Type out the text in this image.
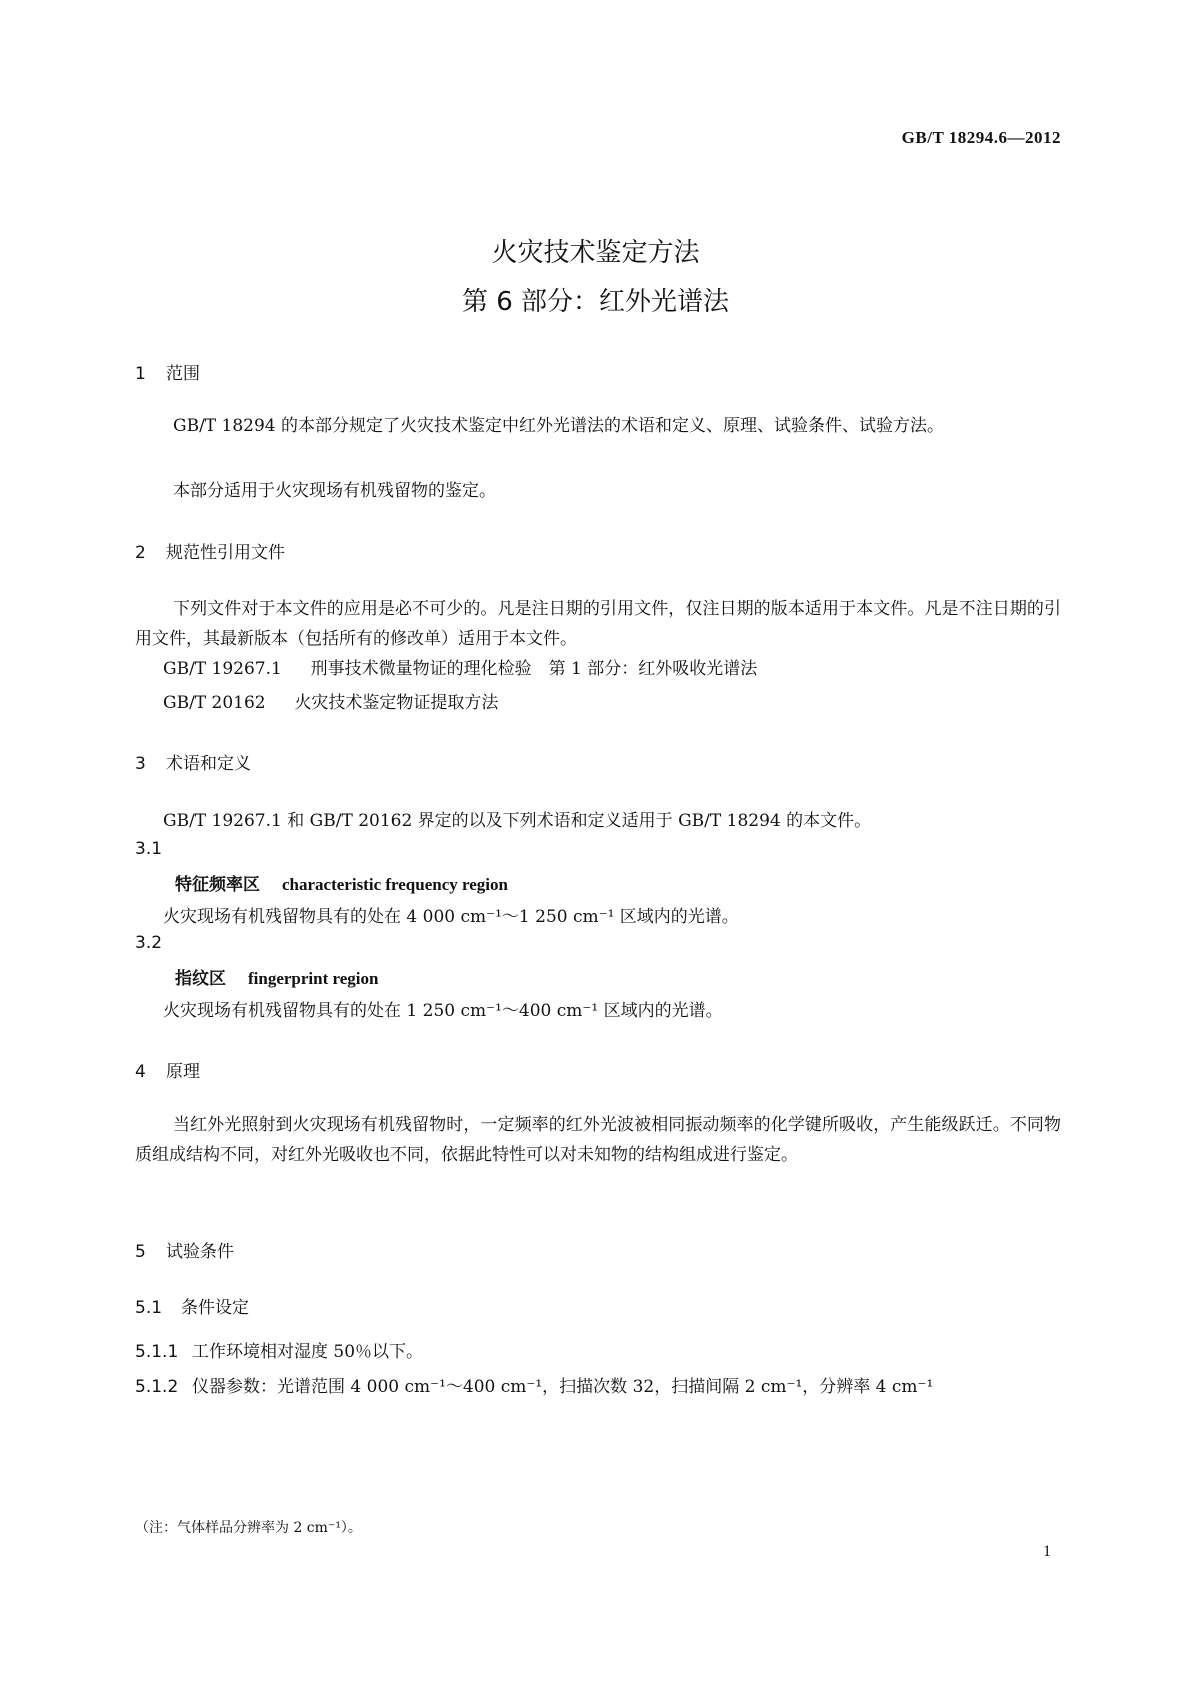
GB/T 18294.6—2012
火灾技术鉴定方法
第 6 部分：红外光谱法
1 范围
GB/T 18294 的本部分规定了火灾技术鉴定中红外光谱法的术语和定义、原理、试验条件、试验方法。
本部分适用于火灾现场有机残留物的鉴定。
2 规范性引用文件
下列文件对于本文件的应用是必不可少的。凡是注日期的引用文件，仅注日期的版本适用于本文件。凡是不注日期的引用文件，其最新版本（包括所有的修改单）适用于本文件。
GB/T 19267.1 刑事技术微量物证的理化检验　第 1 部分：红外吸收光谱法
GB/T 20162 火灾技术鉴定物证提取方法
3 术语和定义
GB/T 19267.1 和 GB/T 20162 界定的以及下列术语和定义适用于 GB/T 18294 的本文件。
3.1
特征频率区 characteristic frequency region
火灾现场有机残留物具有的处在 4 000 cm⁻¹～1 250 cm⁻¹ 区域内的光谱。
3.2
指纹区 fingerprint region
火灾现场有机残留物具有的处在 1 250 cm⁻¹～400 cm⁻¹ 区域内的光谱。
4 原理
当红外光照射到火灾现场有机残留物时，一定频率的红外光波被相同振动频率的化学键所吸收，产生能级跃迁。不同物质组成结构不同，对红外光吸收也不同，依据此特性可以对未知物的结构组成进行鉴定。
5 试验条件
5.1 条件设定
5.1.1 工作环境相对湿度 50％以下。
5.1.2 仪器参数：光谱范围 4 000 cm⁻¹～400 cm⁻¹，扫描次数 32，扫描间隔 2 cm⁻¹，分辨率 4 cm⁻¹
（注：气体样品分辨率为 2 cm⁻¹）。
1
